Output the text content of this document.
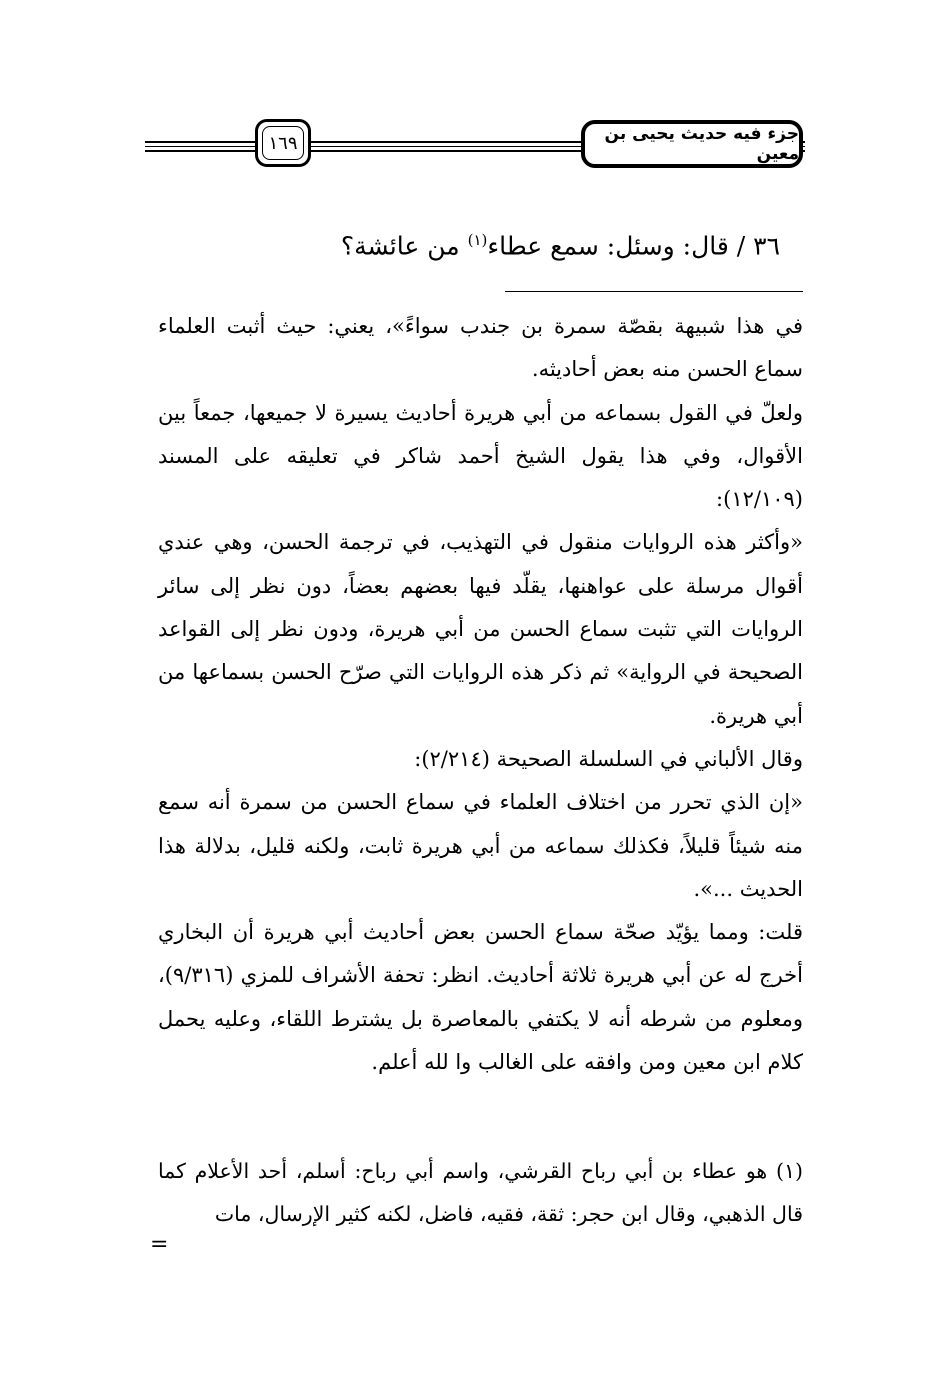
١٦٩	جزء فيه حديث يحيى بن معين
٣٦ / قال: وسئل: سمع عطاء$^{(١)}$ من عائشة؟

في هذا شبيهة بقصّة سمرة بن جندب سواءً»، يعني: حيث أثبت العلماء سماع الحسن منه بعض أحاديثه.

ولعلّ في القول بسماعه من أبي هريرة أحاديث يسيرة لا جميعها، جمعاً بين الأقوال، وفي هذا يقول الشيخ أحمد شاكر في تعليقه على المسند (١٢/١٠٩):

«وأكثر هذه الروايات منقول في التهذيب، في ترجمة الحسن، وهي عندي أقوال مرسلة على عواهنها، يقلّد فيها بعضهم بعضاً، دون نظر إلى سائر الروايات التي تثبت سماع الحسن من أبي هريرة، ودون نظر إلى القواعد الصحيحة في الرواية» ثم ذكر هذه الروايات التي صرّح الحسن بسماعها من أبي هريرة.

وقال الألباني في السلسلة الصحيحة (٢/٢١٤):

«إن الذي تحرر من اختلاف العلماء في سماع الحسن من سمرة أنه سمع منه شيئاً قليلاً، فكذلك سماعه من أبي هريرة ثابت، ولكنه قليل، بدلالة هذا الحديث ...».

قلت: ومما يؤيّد صحّة سماع الحسن بعض أحاديث أبي هريرة أن البخاري أخرج له عن أبي هريرة ثلاثة أحاديث. انظر: تحفة الأشراف للمزي (٩/٣١٦)، ومعلوم من شرطه أنه لا يكتفي بالمعاصرة بل يشترط اللقاء، وعليه يحمل كلام ابن معين ومن وافقه على الغالب وا لله أعلم.

(١) هو عطاء بن أبي رباح القرشي، واسم أبي رباح: أسلم، أحد الأعلام كما قال الذهبي، وقال ابن حجر: ثقة، فقيه، فاضل، لكنه كثير الإرسال، مات

=
